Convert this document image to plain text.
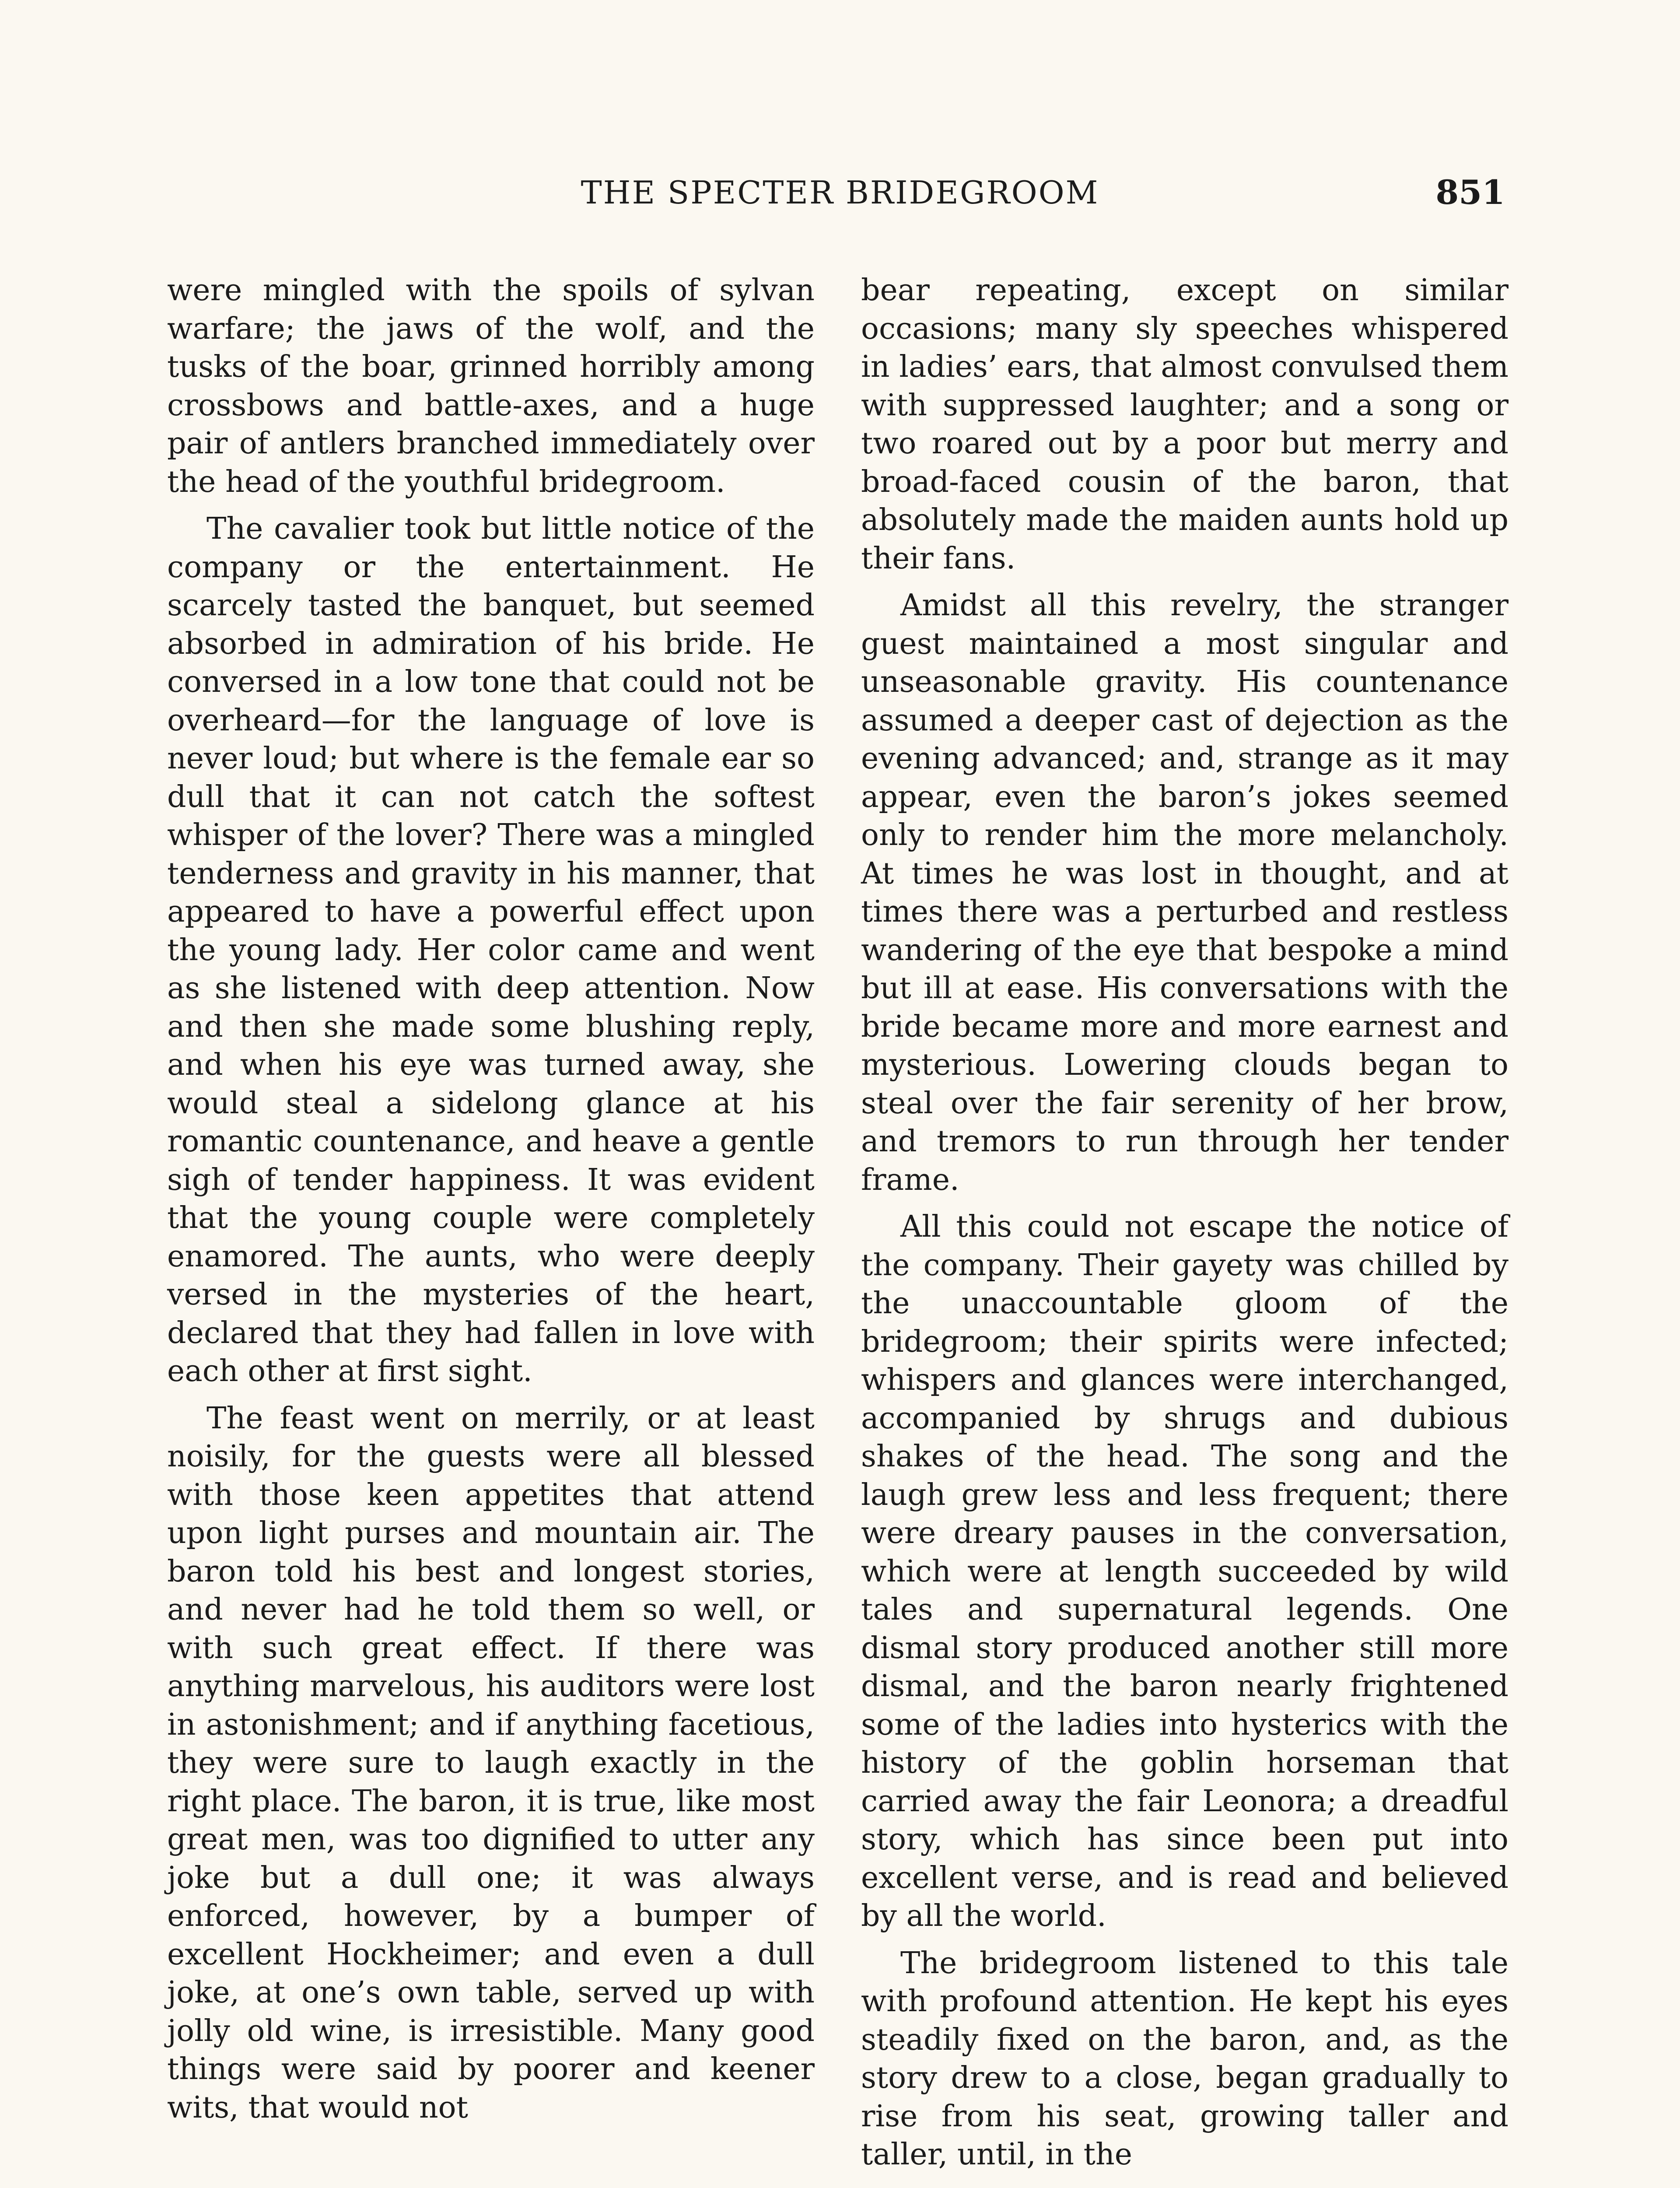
THE SPECTER BRIDEGROOM	851

were mingled with the spoils of sylvan warfare; the jaws of the wolf, and the tusks of the boar, grinned horribly among crossbows and battle-axes, and a huge pair of antlers branched immediately over the head of the youthful bridegroom.

The cavalier took but little notice of the company or the entertainment. He scarcely tasted the banquet, but seemed absorbed in admiration of his bride. He conversed in a low tone that could not be overheard—for the language of love is never loud; but where is the female ear so dull that it can not catch the softest whisper of the lover? There was a mingled tenderness and gravity in his manner, that appeared to have a powerful effect upon the young lady. Her color came and went as she listened with deep attention. Now and then she made some blushing reply, and when his eye was turned away, she would steal a sidelong glance at his romantic countenance, and heave a gentle sigh of tender happiness. It was evident that the young couple were completely enamored. The aunts, who were deeply versed in the mysteries of the heart, declared that they had fallen in love with each other at first sight.

The feast went on merrily, or at least noisily, for the guests were all blessed with those keen appetites that attend upon light purses and mountain air. The baron told his best and longest stories, and never had he told them so well, or with such great effect. If there was anything marvelous, his auditors were lost in astonishment; and if anything facetious, they were sure to laugh exactly in the right place. The baron, it is true, like most great men, was too dignified to utter any joke but a dull one; it was always enforced, however, by a bumper of excellent Hockheimer; and even a dull joke, at one’s own table, served up with jolly old wine, is irresistible. Many good things were said by poorer and keener wits, that would not

bear repeating, except on similar occasions; many sly speeches whispered in ladies’ ears, that almost convulsed them with suppressed laughter; and a song or two roared out by a poor but merry and broad-faced cousin of the baron, that absolutely made the maiden aunts hold up their fans.

Amidst all this revelry, the stranger guest maintained a most singular and unseasonable gravity. His countenance assumed a deeper cast of dejection as the evening advanced; and, strange as it may appear, even the baron’s jokes seemed only to render him the more melancholy. At times he was lost in thought, and at times there was a perturbed and restless wandering of the eye that bespoke a mind but ill at ease. His conversations with the bride became more and more earnest and mysterious. Lowering clouds began to steal over the fair serenity of her brow, and tremors to run through her tender frame.

All this could not escape the notice of the company. Their gayety was chilled by the unaccountable gloom of the bridegroom; their spirits were infected; whispers and glances were interchanged, accompanied by shrugs and dubious shakes of the head. The song and the laugh grew less and less frequent; there were dreary pauses in the conversation, which were at length succeeded by wild tales and supernatural legends. One dismal story produced another still more dismal, and the baron nearly frightened some of the ladies into hysterics with the history of the goblin horseman that carried away the fair Leonora; a dreadful story, which has since been put into excellent verse, and is read and believed by all the world.

The bridegroom listened to this tale with profound attention. He kept his eyes steadily fixed on the baron, and, as the story drew to a close, began gradually to rise from his seat, growing taller and taller, until, in the
